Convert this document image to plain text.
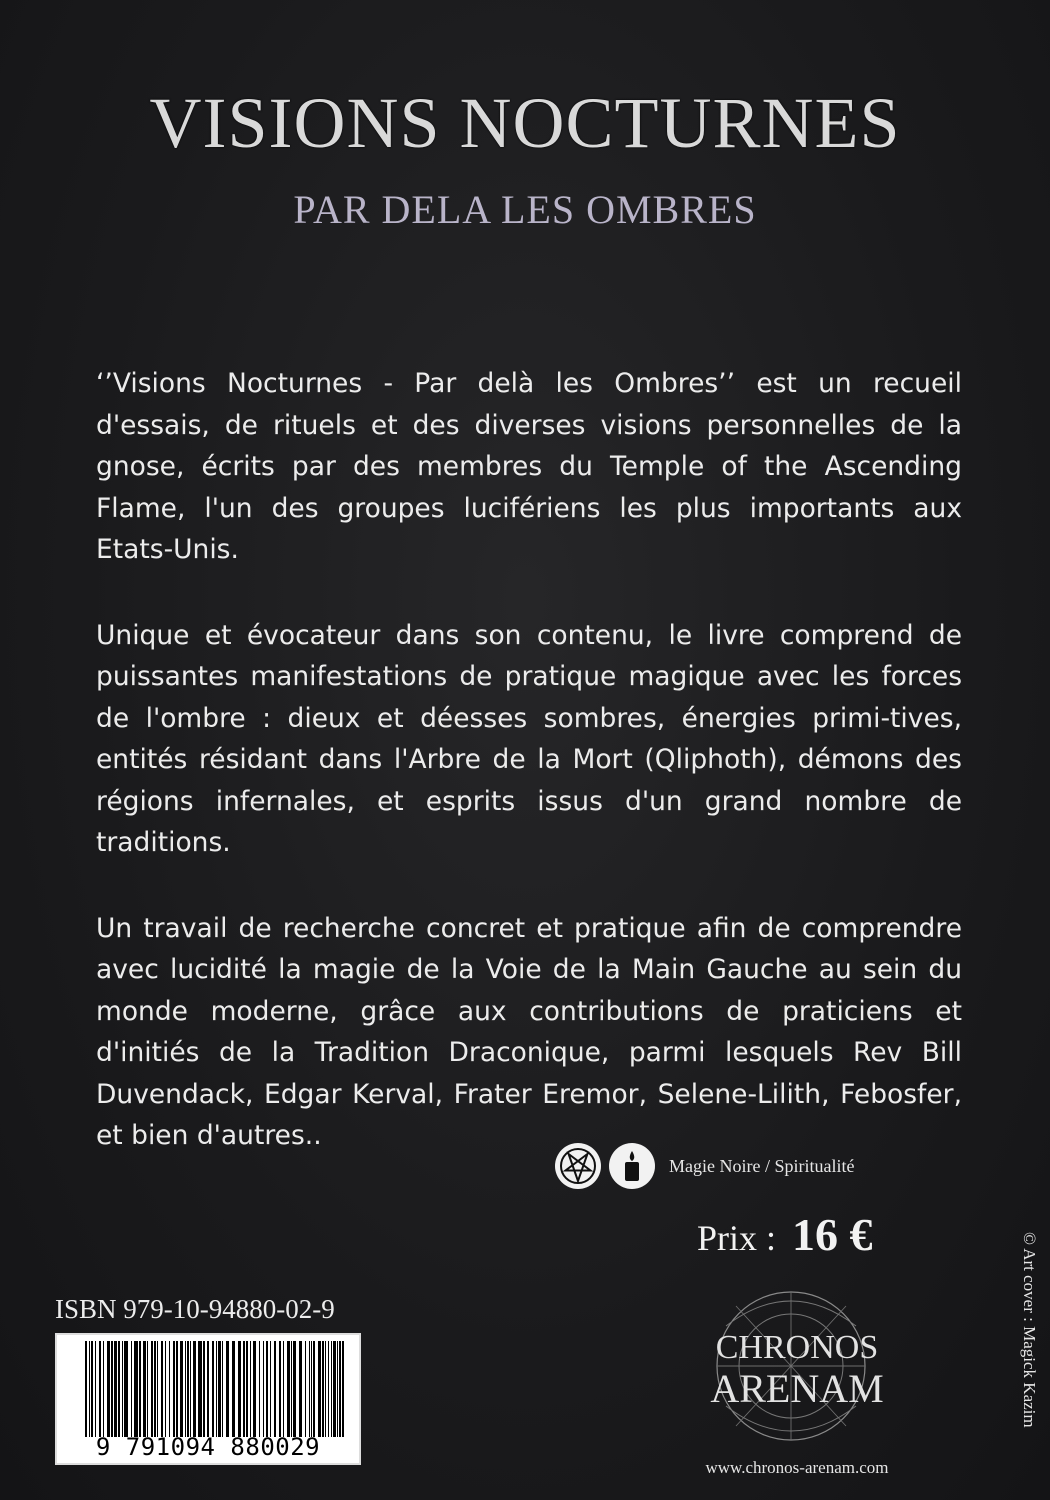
VISIONS NOCTURNES
PAR DELA LES OMBRES

‘’Visions Nocturnes - Par delà les Ombres’’ est un recueil d'essais, de rituels et des diverses visions personnelles de la gnose, écrits par des membres du Temple of the Ascending Flame, l'un des groupes lucifériens les plus importants aux Etats-Unis.

Unique et évocateur dans son contenu, le livre comprend de puissantes manifestations de pratique magique avec les forces de l'ombre : dieux et déesses sombres, énergies primi-tives, entités résidant dans l'Arbre de la Mort (Qliphoth), démons des régions infernales, et esprits issus d'un grand nombre de traditions.

Un travail de recherche concret et pratique afin de comprendre avec lucidité la magie de la Voie de la Main Gauche au sein du monde moderne, grâce aux contributions de praticiens et d'initiés de la Tradition Draconique, parmi lesquels Rev Bill Duvendack, Edgar Kerval, Frater Eremor, Selene-Lilith, Febosfer, et bien d'autres..

Magie Noire / Spiritualité
Prix : 16 €
ISBN 979-10-94880-02-9
9 791094 880029
CHRONOS
ARENAM
www.chronos-arenam.com
© Art cover : Magick Kazim
